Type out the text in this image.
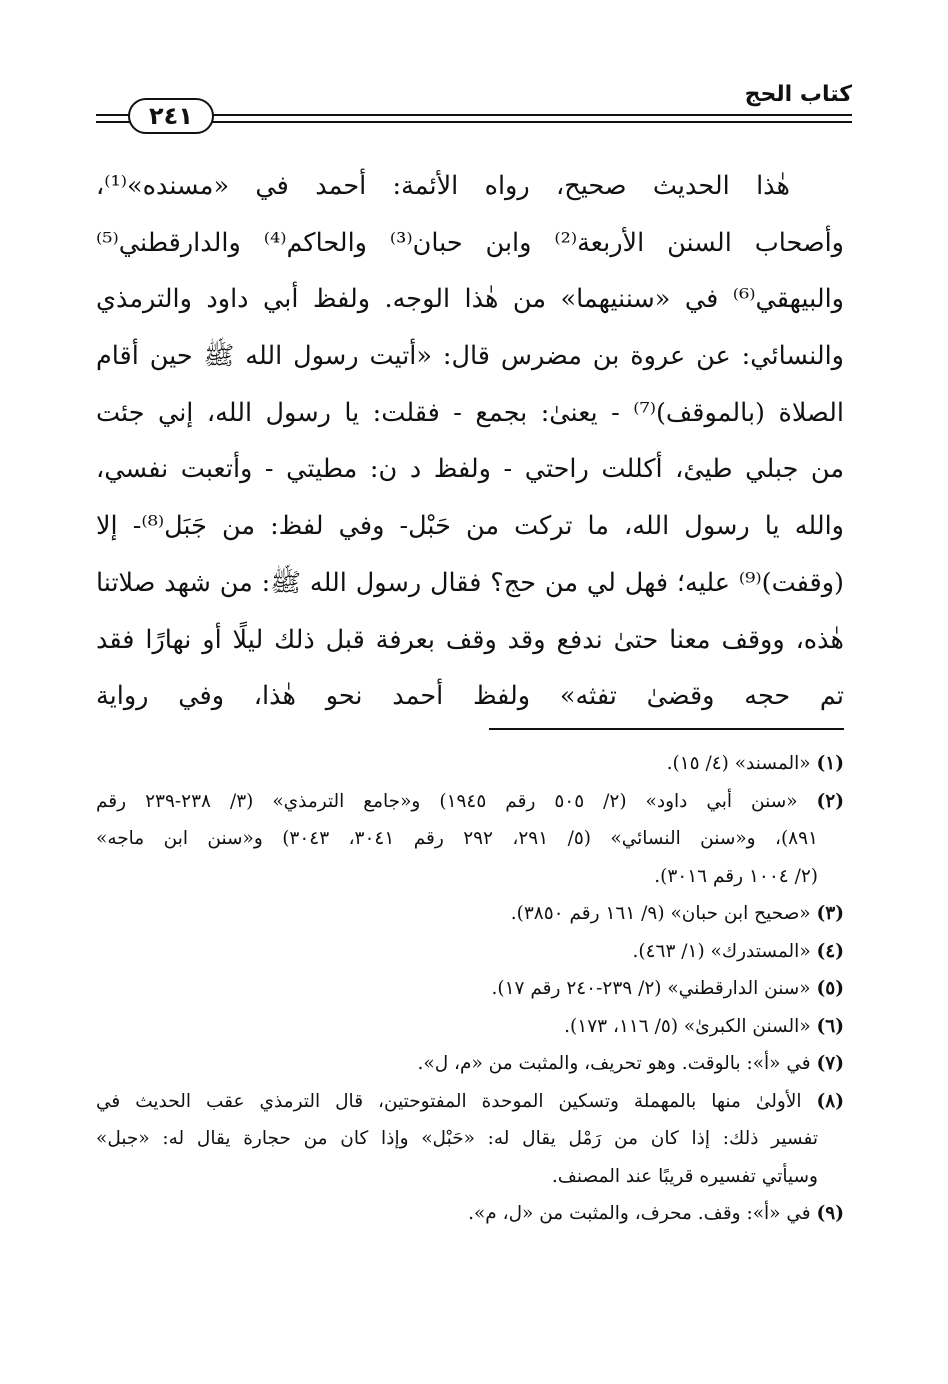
٢٤١
كتاب الحج
هٰذا الحديث صحيح، رواه الأئمة: أحمد في «مسنده»⁽¹⁾،
وأصحاب السنن الأربعة⁽²⁾ وابن حبان⁽³⁾ والحاكم⁽⁴⁾ والدارقطني⁽⁵⁾
والبيهقي⁽⁶⁾ في «سننيهما» من هٰذا الوجه. ولفظ أبي داود والترمذي
والنسائي: عن عروة بن مضرس قال: «أتيت رسول الله ﷺ حين أقام
الصلاة (بالموقف)⁽⁷⁾ - يعنىٰ: بجمع - فقلت: يا رسول الله، إني جئت
من جبلي طيئ، أكللت راحتي - ولفظ د ن: مطيتي - وأتعبت نفسي،
والله يا رسول الله، ما تركت من حَبْل- وفي لفظ: من جَبَل⁽⁸⁾- إلا
(وقفت)⁽⁹⁾ عليه؛ فهل لي من حج؟ فقال رسول الله ﷺ: من شهد صلاتنا
هٰذه، ووقف معنا حتىٰ ندفع وقد وقف بعرفة قبل ذلك ليلًا أو نهارًا فقد
تم حجه وقضىٰ تفثه» ولفظ أحمد نحو هٰذا، وفي رواية
(١) «المسند» (٤/ ١٥).
(٢) «سنن أبي داود» (٢/ ٥٠٥ رقم ١٩٤٥) و«جامع الترمذي» (٣/ ٢٣٨-٢٣٩ رقم
٨٩١)، و«سنن النسائي» (٥/ ٢٩١، ٢٩٢ رقم ٣٠٤١، ٣٠٤٣) و«سنن ابن ماجه»
(٢/ ١٠٠٤ رقم ٣٠١٦).
(٣) «صحيح ابن حبان» (٩/ ١٦١ رقم ٣٨٥٠).
(٤) «المستدرك» (١/ ٤٦٣).
(٥) «سنن الدارقطني» (٢/ ٢٣٩-٢٤٠ رقم ١٧).
(٦) «السنن الكبرىٰ» (٥/ ١١٦، ١٧٣).
(٧) في «أ»: بالوقت. وهو تحريف، والمثبت من «م، ل».
(٨) الأولىٰ منها بالمهملة وتسكين الموحدة المفتوحتين، قال الترمذي عقب الحديث في
تفسير ذلك: إذا كان من رَمْل يقال له: «حَبْل» وإذا كان من حجارة يقال له: «جبل»
وسيأتي تفسيره قريبًا عند المصنف.
(٩) في «أ»: وقف. محرف، والمثبت من «ل، م».
